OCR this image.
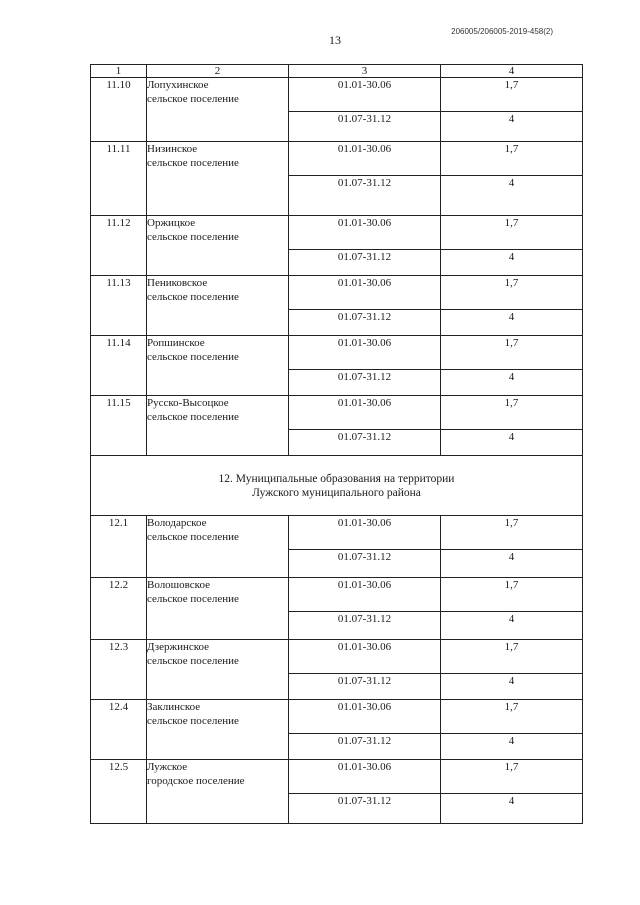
206005/206005-2019-458(2)
13
1	2	3	4
11.10	Лопухинское
сельское поселение	01.01-30.06	1,7
		01.07-31.12	4
11.11	Низинское
сельское поселение	01.01-30.06	1,7
		01.07-31.12	4
11.12	Оржицкое
сельское поселение	01.01-30.06	1,7
		01.07-31.12	4
11.13	Пениковское
сельское поселение	01.01-30.06	1,7
		01.07-31.12	4
11.14	Ропшинское
сельское поселение	01.01-30.06	1,7
		01.07-31.12	4
11.15	Русско-Высоцкое
сельское поселение	01.01-30.06	1,7
		01.07-31.12	4

12. Муниципальные образования на территории
Лужского муниципального района			

12.1	Володарское
сельское поселение	01.01-30.06	1,7
		01.07-31.12	4
12.2	Волошовское
сельское поселение	01.01-30.06	1,7
		01.07-31.12	4
12.3	Дзержинское
сельское поселение	01.01-30.06	1,7
		01.07-31.12	4
12.4	Заклинское
сельское поселение	01.01-30.06	1,7
		01.07-31.12	4
12.5	Лужское
городское поселение	01.01-30.06	1,7
		01.07-31.12	4
